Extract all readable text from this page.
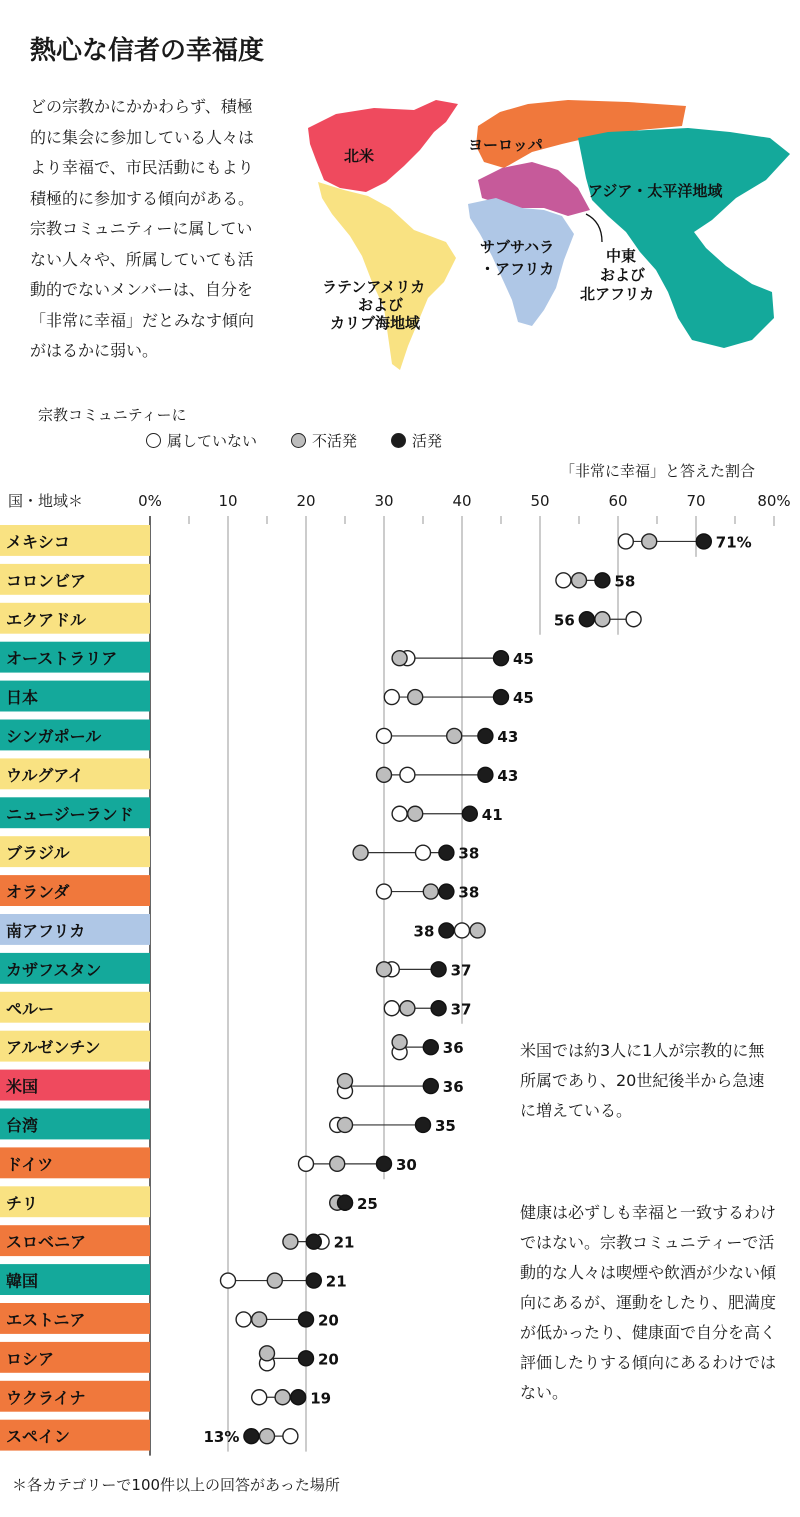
熱心な信者の幸福度

どの宗教かにかかわらず、積極的に集会に参加している人々はより幸福で、市民活動にもより積極的に参加する傾向がある。宗教コミュニティーに属していない人々や、所属していても活動的でないメンバーは、自分を「非常に幸福」だとみなす傾向がはるかに弱い。

北米
ヨーロッパ
アジア・太平洋地域
サブサハラ
・アフリカ
中東
および
北アフリカ
ラテンアメリカ
および
カリブ海地域
宗教コミュニティーに
属していない	不活発	活発
「非常に幸福」と答えた割合
国・地域＊	0%	10	20	30	40	50	60	70	80%
メキシコ	71%
コロンビア	58
エクアドル	56
オーストラリア	45
日本	45
シンガポール	43
ウルグアイ	43
ニュージーランド	41
ブラジル	38
オランダ	38
南アフリカ	38
カザフスタン	37
ペルー	37
アルゼンチン	36
米国	36
台湾	35
ドイツ	30
チリ	25
スロベニア	21
韓国	21
エストニア	20
ロシア	20
ウクライナ	19
スペイン	13%

米国では約3人に1人が宗教的に無所属であり、20世紀後半から急速に増えている。

健康は必ずしも幸福と一致するわけではない。宗教コミュニティーで活動的な人々は喫煙や飲酒が少ない傾向にあるが、運動をしたり、肥満度が低かったり、健康面で自分を高く評価したりする傾向にあるわけではない。

＊各カテゴリーで100件以上の回答があった場所
